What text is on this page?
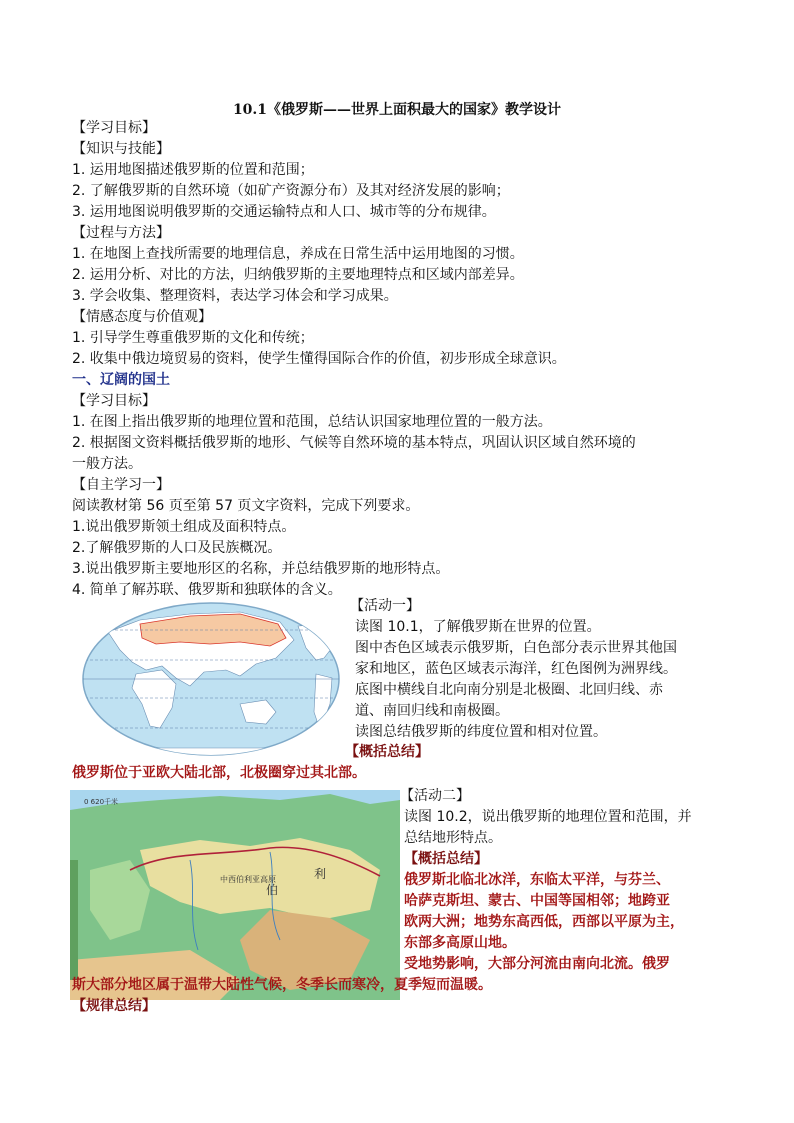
10.1《俄罗斯——世界上面积最大的国家》教学设计
【学习目标】
【知识与技能】
1. 运用地图描述俄罗斯的位置和范围；
2. 了解俄罗斯的自然环境（如矿产资源分布）及其对经济发展的影响；
3. 运用地图说明俄罗斯的交通运输特点和人口、城市等的分布规律。
【过程与方法】
1. 在地图上查找所需要的地理信息，养成在日常生活中运用地图的习惯。
2. 运用分析、对比的方法，归纳俄罗斯的主要地理特点和区域内部差异。
3. 学会收集、整理资料，表达学习体会和学习成果。
【情感态度与价值观】
1. 引导学生尊重俄罗斯的文化和传统；
2. 收集中俄边境贸易的资料，使学生懂得国际合作的价值，初步形成全球意识。
一、辽阔的国土
【学习目标】
1. 在图上指出俄罗斯的地理位置和范围，总结认识国家地理位置的一般方法。
2. 根据图文资料概括俄罗斯的地形、气候等自然环境的基本特点，巩固认识区域自然环境的
一般方法。
【自主学习一】
阅读教材第 56 页至第 57 页文字资料，完成下列要求。
1.说出俄罗斯领土组成及面积特点。
2.了解俄罗斯的人口及民族概况。
3.说出俄罗斯主要地形区的名称，并总结俄罗斯的地形特点。
4. 简单了解苏联、俄罗斯和独联体的含义。
【活动一】
读图 10.1，了解俄罗斯在世界的位置。
图中杏色区域表示俄罗斯，白色部分表示世界其他国
家和地区，蓝色区域表示海洋，红色图例为洲界线。
底图中横线自北向南分别是北极圈、北回归线、赤
道、南回归线和南极圈。
读图总结俄罗斯的纬度位置和相对位置。
【概括总结】
俄罗斯位于亚欧大陆北部，北极圈穿过其北部。
0 620千米
中西伯利亚高原
伯
利
【活动二】
读图 10.2，说出俄罗斯的地理位置和范围，并
总结地形特点。
【概括总结】
俄罗斯北临北冰洋，东临太平洋，与芬兰、
哈萨克斯坦、蒙古、中国等国相邻；地跨亚
欧两大洲；地势东高西低，西部以平原为主，
东部多高原山地。
受地势影响，大部分河流由南向北流。俄罗
斯大部分地区属于温带大陆性气候，冬季长而寒冷，夏季短而温暖。
【规律总结】
